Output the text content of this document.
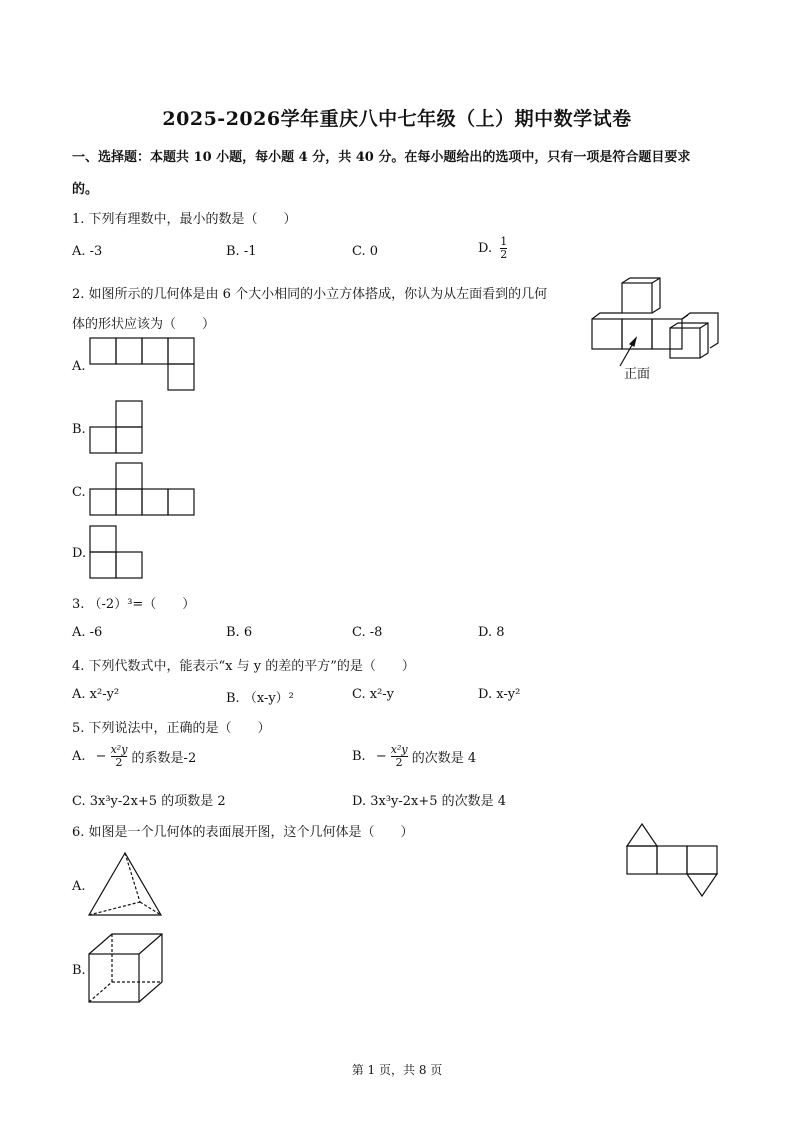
2025-2026学年重庆八中七年级（上）期中数学试卷
一、选择题：本题共 10 小题，每小题 4 分，共 40 分。在每小题给出的选项中，只有一项是符合题目要求
的。
1. 下列有理数中，最小的数是（　　）
A. -3	B. -1	C. 0	D. $\frac{1}{2}$
2. 如图所示的几何体是由 6 个大小相同的小立方体搭成，你认为从左面看到的几何
体的形状应该为（　　）
正面
A.
B.
C.
D.
3. （-2）³=（　　）
A. -6	B. 6	C. -8	D. 8
4. 下列代数式中，能表示“x 与 y 的差的平方”的是（　　）
A. x²-y²	B. （x-y）²	C. x²-y	D. x-y²
5. 下列说法中，正确的是（　　）
A. − $\frac{\text{x²y}}{2}$ 的系数是-2	B. − $\frac{\text{x²y}}{2}$ 的次数是 4
C. 3x³y-2x+5 的项数是 2	D. 3x³y-2x+5 的次数是 4
6. 如图是一个几何体的表面展开图，这个几何体是（　　）
A.
B.
第 1 页，共 8 页
